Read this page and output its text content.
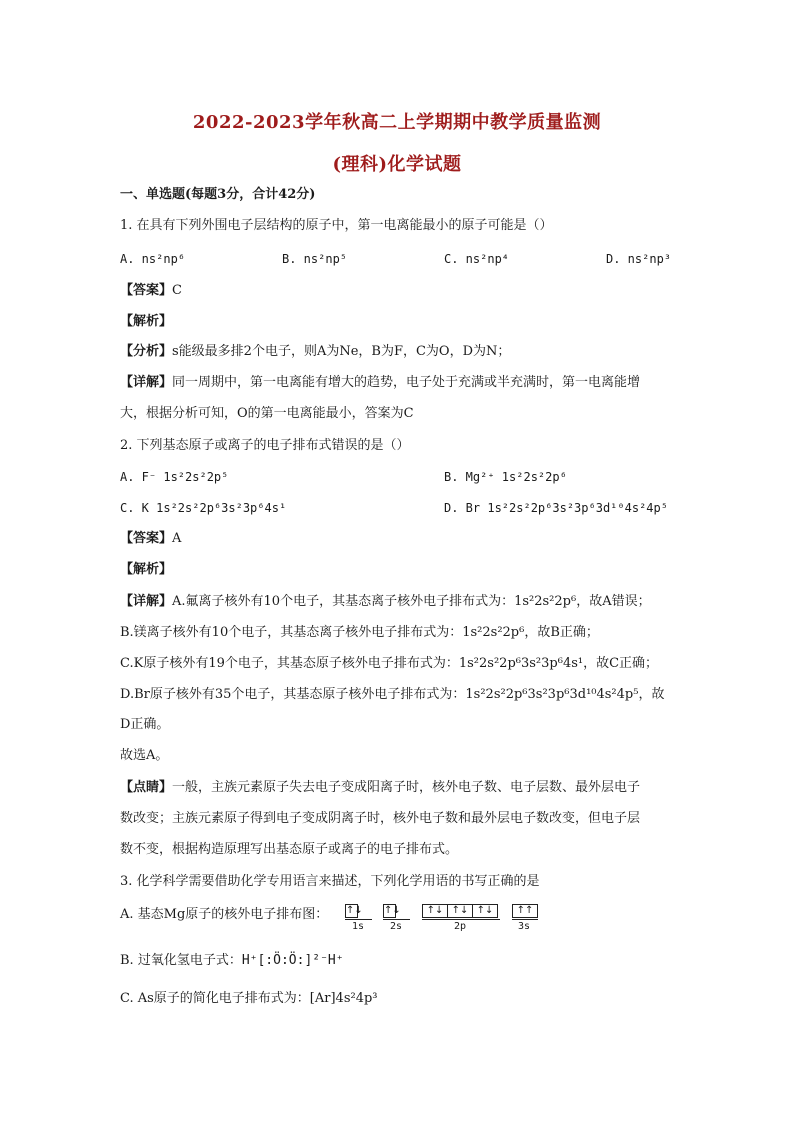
2022-2023学年秋高二上学期期中教学质量监测
(理科)化学试题
一、单选题(每题3分，合计42分)
1. 在具有下列外围电子层结构的原子中，第一电离能最小的原子可能是（）
A. ns²np⁶	B. ns²np⁵	C. ns²np⁴	D. ns²np³
【答案】C
【解析】
【分析】s能级最多排2个电子，则A为Ne，B为F，C为O，D为N；
【详解】同一周期中，第一电离能有增大的趋势，电子处于充满或半充满时，第一电离能增
大，根据分析可知，O的第一电离能最小，答案为C
2. 下列基态原子或离子的电子排布式错误的是（）
A. F⁻ 1s²2s²2p⁵	B. Mg²⁺ 1s²2s²2p⁶
C. K 1s²2s²2p⁶3s²3p⁶4s¹	D. Br 1s²2s²2p⁶3s²3p⁶3d¹⁰4s²4p⁵
【答案】A
【解析】
【详解】A.氟离子核外有10个电子，其基态离子核外电子排布式为：1s²2s²2p⁶，故A错误；
B.镁离子核外有10个电子，其基态离子核外电子排布式为：1s²2s²2p⁶，故B正确；
C.K原子核外有19个电子，其基态原子核外电子排布式为：1s²2s²2p⁶3s²3p⁶4s¹，故C正确；
D.Br原子核外有35个电子，其基态原子核外电子排布式为：1s²2s²2p⁶3s²3p⁶3d¹⁰4s²4p⁵，故
D正确。
故选A。
【点睛】一般，主族元素原子失去电子变成阳离子时，核外电子数、电子层数、最外层电子
数改变；主族元素原子得到电子变成阴离子时，核外电子数和最外层电子数改变，但电子层
数不变，根据构造原理写出基态原子或离子的电子排布式。
3. 化学科学需要借助化学专用语言来描述，下列化学用语的书写正确的是
A. 基态Mg原子的核外电子排布图： ↑↓ ↑↓	↑↓ ↑↓ ↑↓	↑↑
1s	2s	2p	3s
B. 过氧化氢电子式：H⁺[:Ö:Ö:]²⁻H⁺
C. As原子的简化电子排布式为：[Ar]4s²4p³
